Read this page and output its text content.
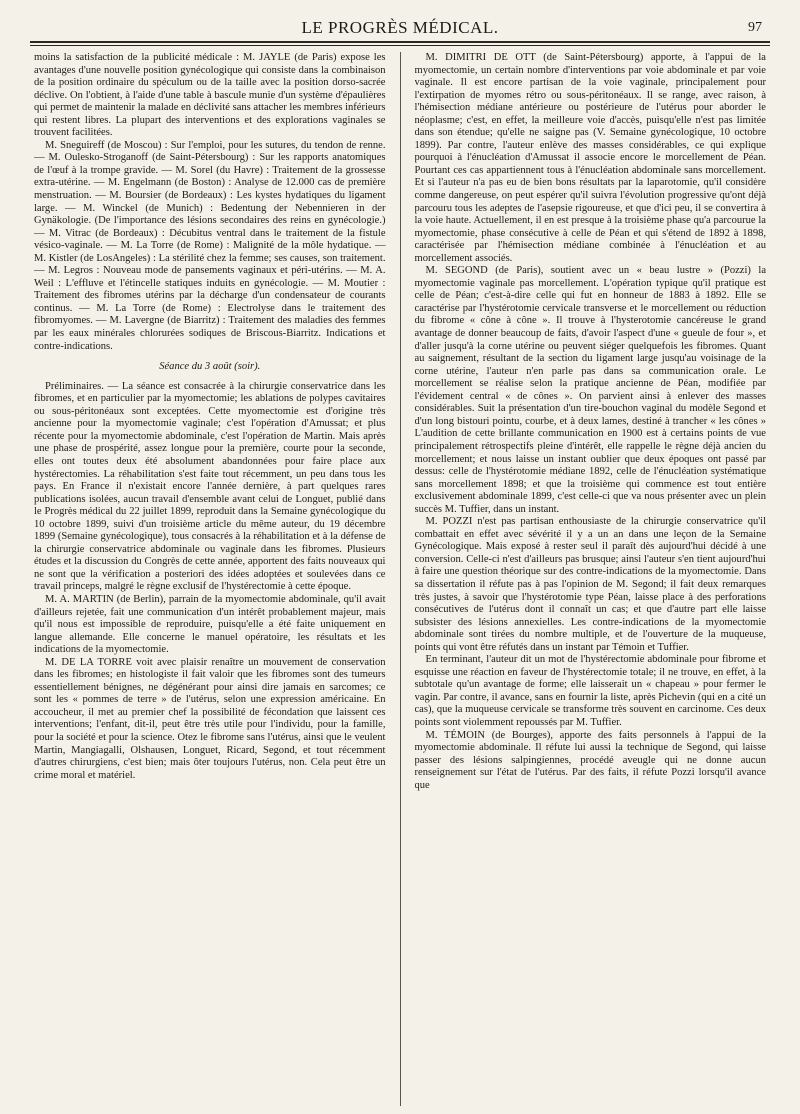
LE PROGRÈS MÉDICAL.	97

moins la satisfaction de la publicité médicale : M. JAYLE (de Paris) expose les avantages d'une nouvelle position gynécologique qui consiste dans la combinaison de la position ordinaire du spéculum ou de la taille avec la position dorso-sacrée déclive. On l'obtient, à l'aide d'une table à bascule munie d'un système d'épaulières qui permet de maintenir la malade en déclivité sans attacher les membres inférieurs qui restent libres. La plupart des interventions et des explorations vaginales se trouvent facilitées.

M. Sneguireff (de Moscou) : Sur l'emploi, pour les sutures, du tendon de renne. — M. Oulesko-Stroganoff (de Saint-Pétersbourg) : Sur les rapports anatomiques de l'œuf à la trompe gravide. — M. Sorel (du Havre) : Traitement de la grossesse extra-utérine. — M. Engelmann (de Boston) : Analyse de 12.000 cas de première menstruation. — M. Boursier (de Bordeaux) : Les kystes hydatiques du ligament large. — M. Winckel (de Munich) : Bedentung der Nebennieren in der Gynäkologie. (De l'importance des lésions secondaires des reins en gynécologie.) — M. Vitrac (de Bordeaux) : Décubitus ventral dans le traitement de la fistule vésico-vaginale. — M. La Torre (de Rome) : Malignité de la môle hydatique. — M. Kistler (de LosAngeles) : La stérilité chez la femme; ses causes, son traitement. — M. Legros : Nouveau mode de pansements vaginaux et péri-utérins. — M. A. Weil : L'effluve et l'étincelle statiques induits en gynécologie. — M. Moutier : Traitement des fibromes utérins par la décharge d'un condensateur de courants continus. — M. La Torre (de Rome) : Electrolyse dans le traitement des fibromyomes. — M. Lavergne (de Biarritz) : Traitement des maladies des femmes par les eaux minérales chlorurées sodiques de Briscous-Biarritz. Indications et contre-indications.

Séance du 3 août (soir).

Préliminaires. — La séance est consacrée à la chirurgie conservatrice dans les fibromes, et en particulier par la myomectomie; les ablations de polypes cavitaires ou sous-péritonéaux sont exceptées. Cette myomectomie est d'origine très ancienne pour la myomectomie vaginale; c'est l'opération d'Amussat; et plus récente pour la myomectomie abdominale, c'est l'opération de Martin. Mais après une phase de prospérité, assez longue pour la première, courte pour la seconde, elles ont toutes deux été absolument abandonnées pour faire place aux hystérectomies. La réhabilitation s'est faite tout récemment, un peu dans tous les pays. En France il n'existait encore l'année dernière, à part quelques rares publications isolées, aucun travail d'ensemble avant celui de Longuet, publié dans le Progrès médical du 22 juillet 1899, reproduit dans la Semaine gynécologique du 10 octobre 1899, suivi d'un troisième article du même auteur, du 19 décembre 1899 (Semaine gynécologique), tous consacrés à la réhabilitation et à la défense de la chirurgie conservatrice abdominale ou vaginale dans les fibromes. Plusieurs études et la discussion du Congrès de cette année, apportent des faits nouveaux qui ne sont que la vérification a posteriori des idées adoptées et soulevées dans ce travail princeps, malgré le règne exclusif de l'hystérectomie à cette époque.

M. A. MARTIN (de Berlin), parrain de la myomectomie abdominale, qu'il avait d'ailleurs rejetée, fait une communication d'un intérêt probablement majeur, mais qu'il nous est impossible de reproduire, puisqu'elle a été faite uniquement en langue allemande. Elle concerne le manuel opératoire, les résultats et les indications de la myomectomie.

M. DE LA TORRE voit avec plaisir renaître un mouvement de conservation dans les fibromes; en histologiste il fait valoir que les fibromes sont des tumeurs essentiellement bénignes, ne dégénérant pour ainsi dire jamais en sarcomes; ce sont les « pommes de terre » de l'utérus, selon une expression américaine. En accoucheur, il met au premier chef la possibilité de fécondation que laissent ces interventions; l'enfant, dit-il, peut être très utile pour l'individu, pour la famille, pour la société et pour la science. Otez le fibrome sans l'utérus, ainsi que le veulent Martin, Mangiagalli, Olshausen, Longuet, Ricard, Segond, et tout récemment d'autres chirurgiens, c'est bien; mais ôter toujours l'utérus, non. Cela peut être un crime moral et matériel.

M. DIMITRI DE OTT (de Saint-Pétersbourg) apporte, à l'appui de la myomectomie, un certain nombre d'interventions par voie abdominale et par voie vaginale. Il est encore partisan de la voie vaginale, principalement pour l'extirpation de myomes rétro ou sous-péritonéaux. Il se range, avec raison, à l'hémisection médiane antérieure ou postérieure de l'utérus pour aborder le néoplasme; c'est, en effet, la meilleure voie d'accès, puisqu'elle n'est pas limitée dans son étendue; qu'elle ne saigne pas (V. Semaine gynécologique, 10 octobre 1899). Par contre, l'auteur enlève des masses considérables, ce qui explique pourquoi à l'énucléation d'Amussat il associe encore le morcellement de Péan. Pourtant ces cas appartiennent tous à l'énucléation abdominale sans morcellement. Et si l'auteur n'a pas eu de bien bons résultats par la laparotomie, qu'il considère comme dangereuse, on peut espérer qu'il suivra l'évolution progressive qu'ont déjà parcouru tous les adeptes de l'asepsie rigoureuse, et que d'ici peu, il se convertira à la voie haute. Actuellement, il en est presque à la troisième phase qu'a parcourue la myomectomie, phase consécutive à celle de Péan et qui s'étend de 1892 à 1898, caractérisée par l'hémisection médiane combinée à l'énucléation et au morcellement associés.

M. SEGOND (de Paris), soutient avec un « beau lustre » (Pozzi) la myomectomie vaginale pas morcellement. L'opération typique qu'il pratique est celle de Péan; c'est-à-dire celle qui fut en honneur de 1883 à 1892. Elle se caractérise par l'hystérotomie cervicale transverse et le morcellement ou réduction du fibrome « cône à cône ». Il trouve à l'hysterotomie cancéreuse le grand avantage de donner beaucoup de faits, d'avoir l'aspect d'une « gueule de four », et d'aller jusqu'à la corne utérine ou peuvent siéger quelquefois les fibromes. Quant au saignement, résultant de la section du ligament large jusqu'au voisinage de la corne utérine, l'auteur n'en parle pas dans sa communication orale. Le morcellement se réalise selon la pratique ancienne de Péan, modifiée par l'évidement central « de cônes ». On parvient ainsi à enlever des masses considérables. Suit la présentation d'un tire-bouchon vaginal du modèle Segond et d'un long bistouri pointu, courbe, et à deux lames, destiné à trancher « les cônes » L'audition de cette brillante communication en 1900 est à certains points de vue principalement rétrospectifs pleine d'intérêt, elle rappelle le règne déjà ancien du morcellement; et nous laisse un instant oublier que deux époques ont passé par dessus: celle de l'hystérotomie médiane 1892, celle de l'énucléation systématique sans morcellement 1898; et que la troisième qui commence est tout entière exclusivement abdominale 1899, c'est celle-ci que va nous présenter avec un plein succès M. Tuffier, dans un instant.

M. POZZI n'est pas partisan enthousiaste de la chirurgie conservatrice qu'il combattait en effet avec sévérité il y a un an dans une leçon de la Semaine Gynécologique. Mais exposé à rester seul il paraît dès aujourd'hui décidé à une conversion. Celle-ci n'est d'ailleurs pas brusque; ainsi l'auteur s'en tient aujourd'hui à faire une question théorique sur des contre-indications de la myomectomie. Dans sa dissertation il réfute pas à pas l'opinion de M. Segond; il fait deux remarques très justes, à savoir que l'hystérotomie type Péan, laisse place à des perforations consécutives de l'utérus dont il connaît un cas; et que d'autre part elle laisse subsister des lésions annexielles. Les contre-indications de la myomectomie abdominale sont tirées du nombre multiple, et de l'ouverture de la muqueuse, points qui vont être réfutés dans un instant par Témoin et Tuffier.

En terminant, l'auteur dit un mot de l'hystérectomie abdominale pour fibrome et esquisse une réaction en faveur de l'hystérectomie totale; il ne trouve, en effet, à la subtotale qu'un avantage de forme; elle laisserait un « chapeau » pour fermer le vagin. Par contre, il avance, sans en fournir la liste, après Pichevin (qui en a cité un cas), que la muqueuse cervicale se transforme très souvent en carcinome. Ces deux points sont violemment repoussés par M. Tuffier.

M. TÉMOIN (de Bourges), apporte des faits personnels à l'appui de la myomectomie abdominale. Il réfute lui aussi la technique de Segond, qui laisse passer des lésions salpingiennes, procédé aveugle qui ne donne aucun renseignement sur l'état de l'utérus. Par des faits, il réfute Pozzi lorsqu'il avance que
